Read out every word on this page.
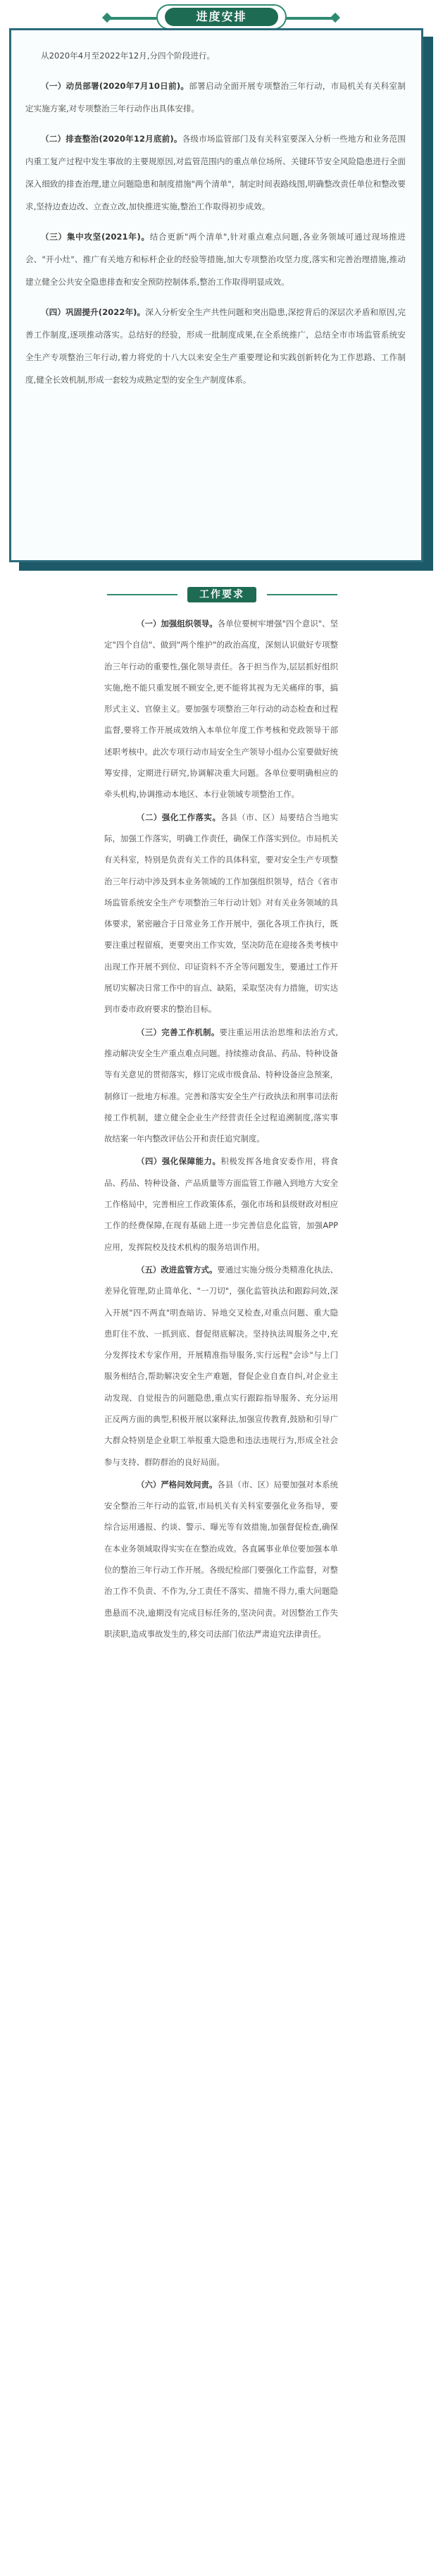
进度安排

从2020年4月至2022年12月,分四个阶段进行。

（一）动员部署(2020年7月10日前)。部署启动全面开展专项整治三年行动，市局机关有关科室制定实施方案,对专项整治三年行动作出具体安排。

（二）排查整治(2020年12月底前)。各级市场监管部门及有关科室要深入分析一些地方和业务范围内重工复产过程中发生事故的主要规原因,对监管范围内的重点单位场所、关键环节安全风险隐患进行全面深入细致的排查治理,建立问题隐患和制度措施"两个清单"，制定时间表路线图,明确整改责任单位和整改要求,坚持边查边改、立查立改,加快推进实施,整治工作取得初步成效。

（三）集中攻坚(2021年)。结合更新"两个清单",针对重点难点问题,各业务领域可通过现场推进会、"开小灶"、推广有关地方和标杆企业的经验等措施,加大专项整治攻坚力度,落实和完善治理措施,推动建立健全公共安全隐患排查和安全预防控制体系,整治工作取得明显成效。

（四）巩固提升(2022年)。深入分析安全生产共性问题和突出隐患,深挖背后的深层次矛盾和原因,完善工作制度,逐项推动落实。总结好的经验，形成一批制度成果,在全系统推广，总结全市市场监管系统安全生产专项整治三年行动,着力将党的十八大以来安全生产重要理论和实践创新转化为工作思路、工作制度,健全长效机制,形成一套较为成熟定型的安全生产制度体系。

工作要求

（一）加强组织领导。各单位要树牢增强"四个意识"、坚定"四个自信"、做到"两个维护"的政治高度，深刻认识做好专项整治三年行动的重要性,强化领导责任。各于担当作为,层层抓好组织实施,绝不能只重发展不顾安全,更不能将其视为无关痛痒的事，搞形式主义、官僚主义。要加强专项整治三年行动的动态检查和过程监督,要将工作开展成效纳入本单位年度工作考核和党政领导干部述职考核中。此次专项行动市局安全生产领导小组办公室要做好统筹安排，定期进行研究,协调解决重大问题。各单位要明确相应的牵头机构,协调推动本地区、本行业领域专项整治工作。

（二）强化工作落实。各县（市、区）局要结合当地实际，加强工作落实，明确工作责任，确保工作落实到位。市局机关有关科室，特别是负责有关工作的具体科室，要对安全生产专项整治三年行动中涉及到本业务领域的工作加强组织领导，结合《省市场监管系统安全生产专项整治三年行动计划》对有关业务领域的具体要求，紧密融合于日常业务工作开展中，强化各项工作执行，既要注重过程留痕，更要突出工作实效，坚决防范在迎接各类考核中出现工作开展不到位、印证资料不齐全等问题发生，要通过工作开展切实解决日常工作中的盲点、缺陷，采取坚决有力措施，切实达到市委市政府要求的整治目标。

（三）完善工作机制。要注重运用法治思维和法治方式,推动解决安全生产重点难点问题。持续推动食品、药品、特种设备等有关意见的贯彻落实，修订完成市级食品、特种设备应急预案，制修订一批地方标准。完善和落实安全生产行政执法和刑事司法衔接工作机制，建立健全企业生产经营责任全过程追溯制度,落实事故结案一年内整改评估公开和责任追究制度。

（四）强化保障能力。积极发挥各地食安委作用，将食品、药品、特种设备、产品质量等方面监管工作融入到地方大安全工作格局中，完善相应工作政策体系，强化市场和县级财政对相应工作的经费保障,在现有基础上进一步完善信息化监管，加强APP应用，发挥院校及技术机构的服务培训作用。

（五）改进监管方式。要通过实施分级分类精准化执法、差异化管理,防止简单化、"一刀切"，强化监管执法和跟踪问效,深入开展"四不两直"明查暗访、异地交叉检查,对重点问题、重大隐患盯住不放、一抓到底、督促彻底解决。坚持执法周服务之中,充分发挥技术专家作用，开展精准指导服务,实行远程"会诊"与上门服务相结合,帮助解决安全生产难题，督促企业自查自纠,对企业主动发现、自觉报告的问题隐患,重点实行跟踪指导服务、充分运用正反两方面的典型,积极开展以案释法,加强宣传教育,鼓励和引导广大群众特别是企业职工举报重大隐患和违法违规行为,形成全社会参与支持、群防群治的良好局面。

（六）严格问效问责。各县（市、区）局要加强对本系统安全整治三年行动的监管,市局机关有关科室要强化业务指导，要综合运用通报、约谈、警示、曝光等有效措施,加强督促检查,确保在本业务领域取得实实在在整治成效。各直属事业单位要加强本单位的整治三年行动工作开展。各级纪检部门要强化工作监督，对整治工作不负责、不作为,分工责任不落实、措施不得力,重大问题隐患悬而不决,逾期没有完成目标任务的,坚决问责。对因整治工作失职渎职,造成事故发生的,移交司法部门依法严肃追究法律责任。
